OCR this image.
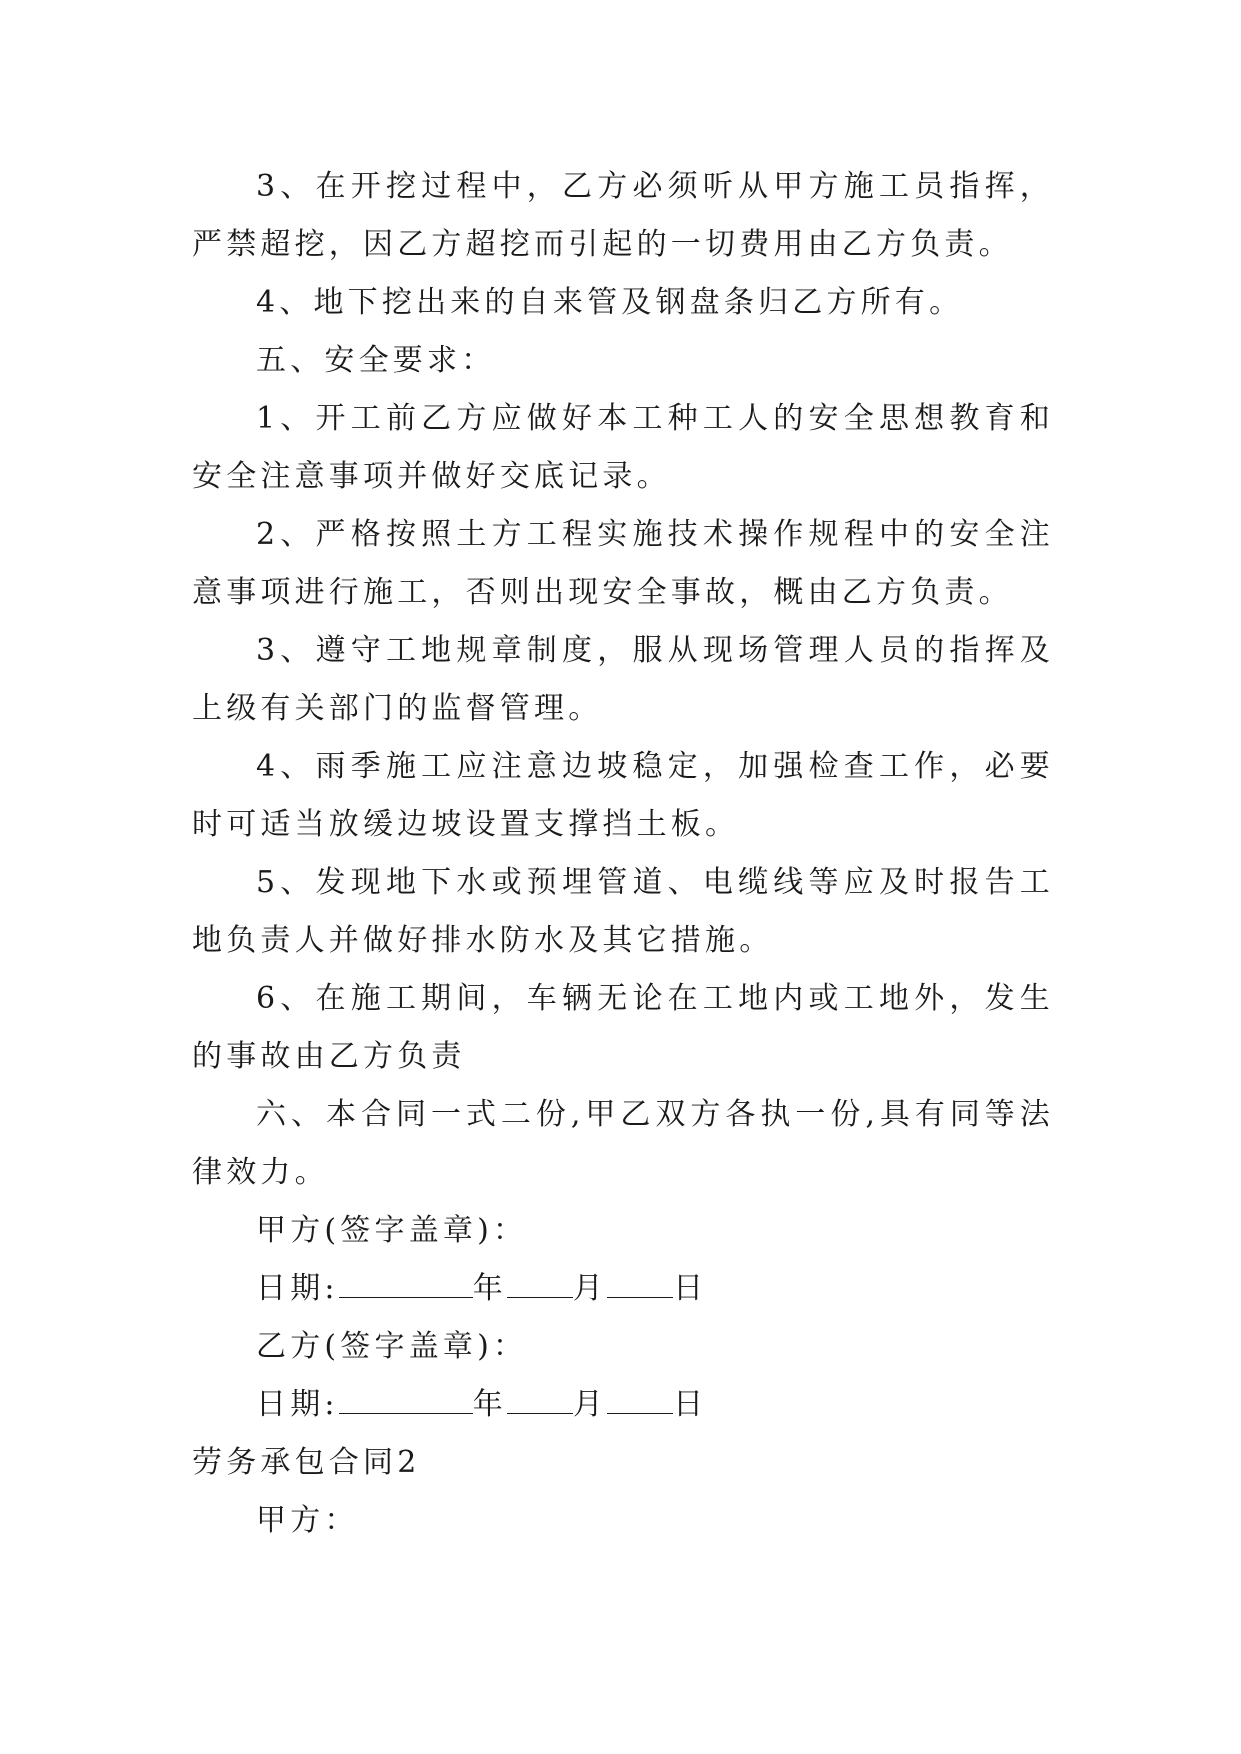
3、在开挖过程中，乙方必须听从甲方施工员指挥，严禁超挖，因乙方超挖而引起的一切费用由乙方负责。

4、地下挖出来的自来管及钢盘条归乙方所有。

五、安全要求：

1、开工前乙方应做好本工种工人的安全思想教育和安全注意事项并做好交底记录。

2、严格按照土方工程实施技术操作规程中的安全注意事项进行施工，否则出现安全事故，概由乙方负责。

3、遵守工地规章制度，服从现场管理人员的指挥及上级有关部门的监督管理。

4、雨季施工应注意边坡稳定，加强检查工作，必要时可适当放缓边坡设置支撑挡土板。

5、发现地下水或预埋管道、电缆线等应及时报告工地负责人并做好排水防水及其它措施。

6、在施工期间，车辆无论在工地内或工地外，发生的事故由乙方负责

六、本合同一式二份,甲乙双方各执一份,具有同等法律效力。

甲方(签字盖章)：

日期:	年 月 日

乙方(签字盖章)：

日期:	年 月 日

劳务承包合同2

甲方：
